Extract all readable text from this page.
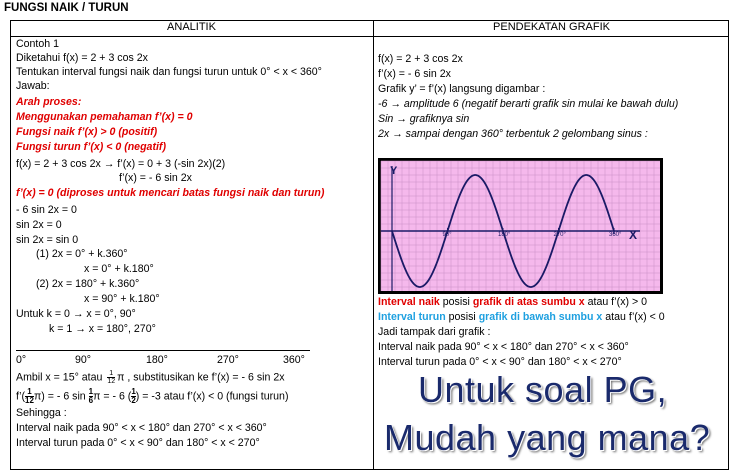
FUNGSI NAIK / TURUN
ANALITIK	PENDEKATAN GRAFIK
Contoh 1
Diketahui f(x) = 2 + 3 cos 2x
Tentukan interval fungsi naik dan fungsi turun untuk 0° < x < 360°
Jawab:
Arah proses:
Menggunakan pemahaman f’(x) = 0
Fungsi naik f’(x) > 0 (positif)
Fungsi turun f’(x) < 0 (negatif)
f(x) = 2 + 3 cos 2x → f’(x) = 0 + 3 (-sin 2x)(2)
f’(x) = - 6 sin 2x
f’(x) = 0 (diproses untuk mencari batas fungsi naik dan turun)
- 6 sin 2x = 0
sin 2x = 0
sin 2x = sin 0
(1) 2x = 0° + k.360°
x = 0° + k.180°
(2) 2x = 180° + k.360°
x = 90° + k.180°
Untuk k = 0 → x = 0°, 90°
k = 1 → x = 180°, 270°
0°	90°	180°	270°	360°
Ambil x = 15° atau $\frac{1}{12}$ π , substitusikan ke f’(x) = - 6 sin 2x
f’( $\frac{1}{12} \pi$) = - 6 $\sin \frac{1}{6}$ π = - 6 ( $\frac{1}{2}$ ) = -3 atau f’(x) < 0 (fungsi turun)
Sehingga :
Interval naik pada 90° < x < 180° dan 270° < x < 360°
Interval turun pada 0° < x < 90° dan 180° < x < 270°
f(x) = 2 + 3 cos 2x
f’(x) = - 6 sin 2x
Grafik y’ = f’(x) langsung digambar :
-6 → amplitude 6 (negatif berarti grafik sin mulai ke bawah dulu)
Sin → grafiknya sin
2x → sampai dengan 360° terbentuk 2 gelombang sinus :
90°	180°	270°	360°
Y
X
Interval naik posisi grafik di atas sumbu x atau f’(x) > 0
Interval turun posisi grafik di bawah sumbu x atau f’(x) < 0
Jadi tampak dari grafik :
Interval naik pada 90° < x < 180° dan 270° < x < 360°
Interval turun pada 0° < x < 90° dan 180° < x < 270°
Untuk soal PG,
Mudah yang mana?
